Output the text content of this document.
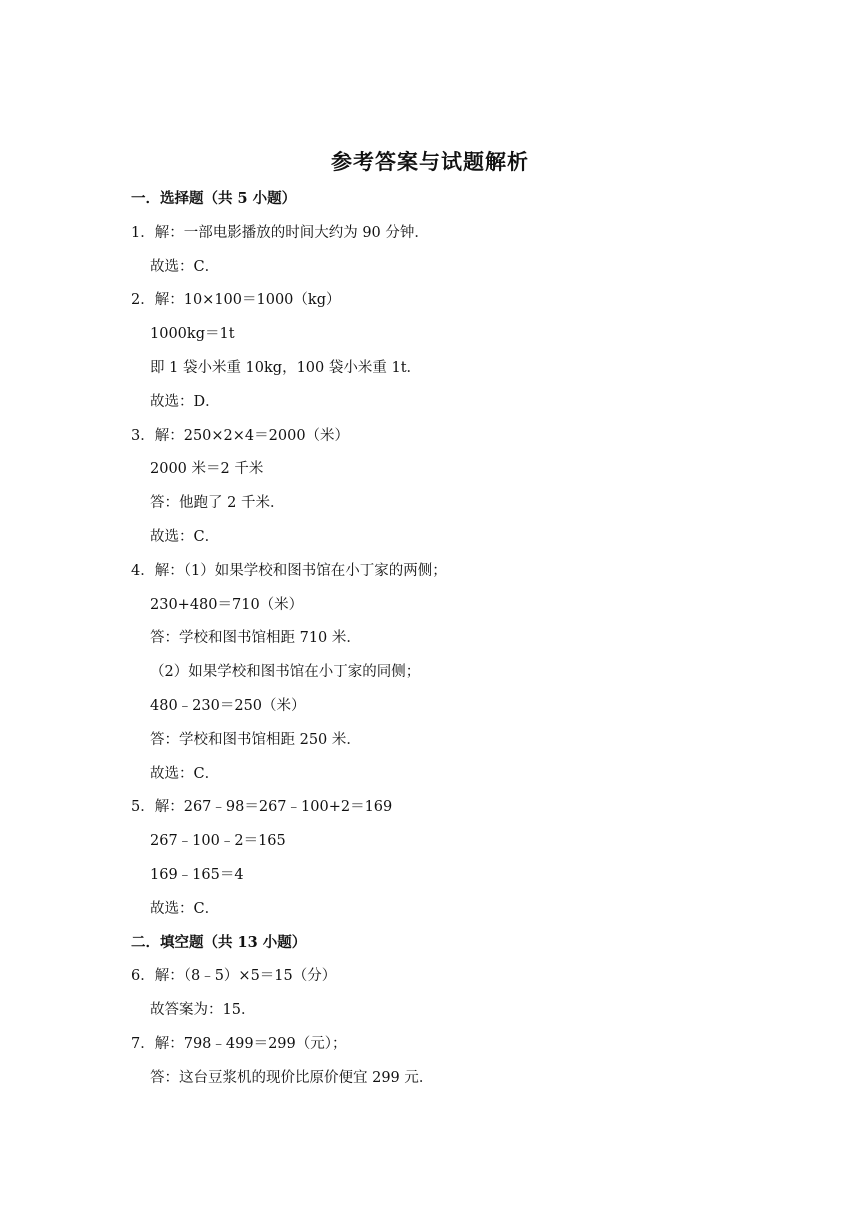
参考答案与试题解析
一．选择题（共 5 小题）
1．解：一部电影播放的时间大约为 90 分钟．
故选：C．
2．解：10×100＝1000（kg）
1000kg＝1t
即 1 袋小米重 10kg，100 袋小米重 1t．
故选：D．
3．解：250×2×4＝2000（米）
2000 米＝2 千米
答：他跑了 2 千米．
故选：C．
4．解：（1）如果学校和图书馆在小丁家的两侧；
230+480＝710（米）
答：学校和图书馆相距 710 米．
（2）如果学校和图书馆在小丁家的同侧；
480﹣230＝250（米）
答：学校和图书馆相距 250 米．
故选：C．
5．解：267﹣98＝267﹣100+2＝169
267﹣100﹣2＝165
169﹣165＝4
故选：C．
二．填空题（共 13 小题）
6．解：（8﹣5）×5＝15（分）
故答案为：15．
7．解：798﹣499＝299（元）；
答：这台豆浆机的现价比原价便宜 299 元．
